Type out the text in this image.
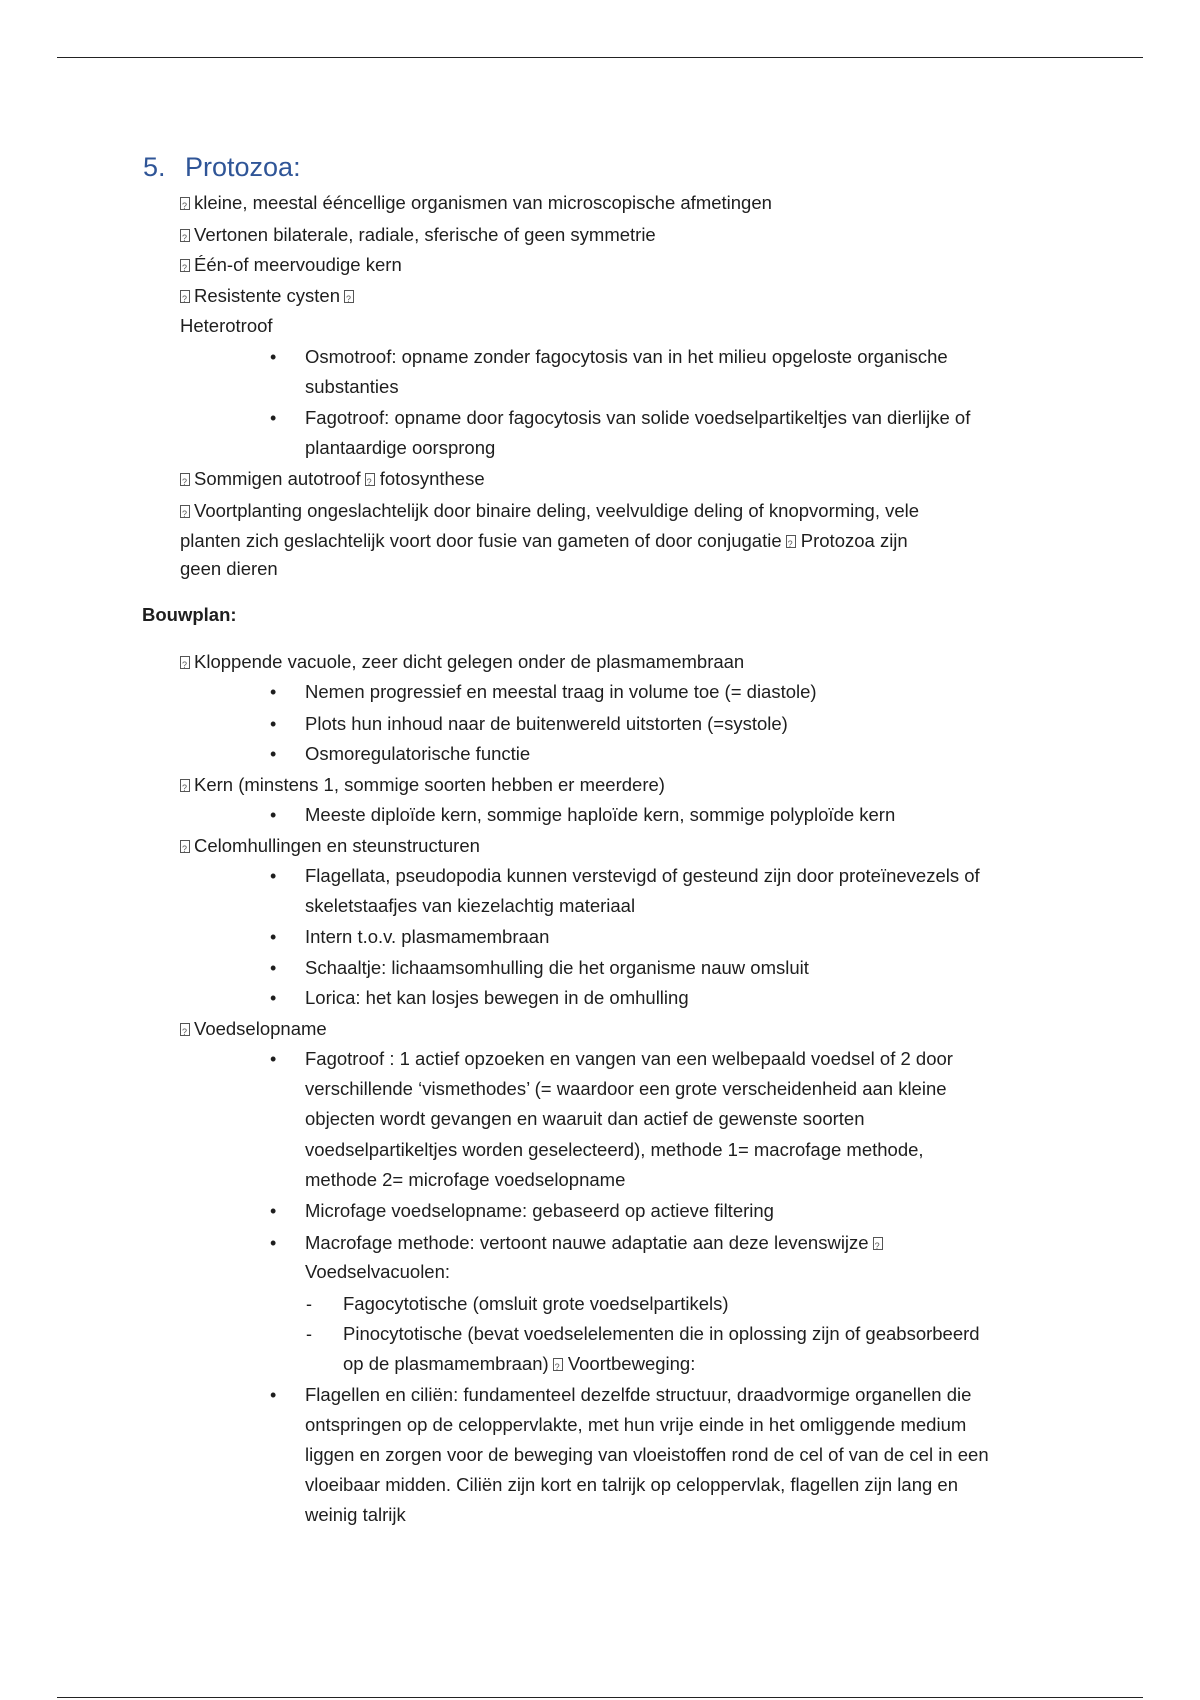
5. Protozoa:
?kleine, meestal ééncellige organismen van microscopische afmetingen
?Vertonen bilaterale, radiale, sferische of geen symmetrie
?Één-of meervoudige kern
?Resistente cysten?
Heterotroof
• Osmotroof: opname zonder fagocytosis van in het milieu opgeloste organische
substanties
• Fagotroof: opname door fagocytosis van solide voedselpartikeltjes van dierlijke of
plantaardige oorsprong
?Sommigen autotroof ? fotosynthese
?Voortplanting ongeslachtelijk door binaire deling, veelvuldige deling of knopvorming, vele
planten zich geslachtelijk voort door fusie van gameten of door conjugatie ? Protozoa zijn
geen dieren
Bouwplan:
?Kloppende vacuole, zeer dicht gelegen onder de plasmamembraan
• Nemen progressief en meestal traag in volume toe (= diastole)
• Plots hun inhoud naar de buitenwereld uitstorten (=systole)
• Osmoregulatorische functie
?Kern (minstens 1, sommige soorten hebben er meerdere)
• Meeste diploïde kern, sommige haploïde kern, sommige polyploïde kern
?Celomhullingen en steunstructuren
• Flagellata, pseudopodia kunnen verstevigd of gesteund zijn door proteïnevezels of
skeletstaafjes van kiezelachtig materiaal
• Intern t.o.v. plasmamembraan
• Schaaltje: lichaamsomhulling die het organisme nauw omsluit
• Lorica: het kan losjes bewegen in de omhulling
?Voedselopname
• Fagotroof : 1 actief opzoeken en vangen van een welbepaald voedsel of 2 door
verschillende ‘vismethodes’ (= waardoor een grote verscheidenheid aan kleine
objecten wordt gevangen en waaruit dan actief de gewenste soorten
voedselpartikeltjes worden geselecteerd), methode 1= macrofage methode,
methode 2= microfage voedselopname
• Microfage voedselopname: gebaseerd op actieve filtering
• Macrofage methode: vertoont nauwe adaptatie aan deze levenswijze?
Voedselvacuolen:
- Fagocytotische (omsluit grote voedselpartikels)
- Pinocytotische (bevat voedselelementen die in oplossing zijn of geabsorbeerd
op de plasmamembraan) ? Voortbeweging:
• Flagellen en ciliën: fundamenteel dezelfde structuur, draadvormige organellen die
ontspringen op de celoppervlakte, met hun vrije einde in het omliggende medium
liggen en zorgen voor de beweging van vloeistoffen rond de cel of van de cel in een
vloeibaar midden. Ciliën zijn kort en talrijk op celoppervlak, flagellen zijn lang en
weinig talrijk
